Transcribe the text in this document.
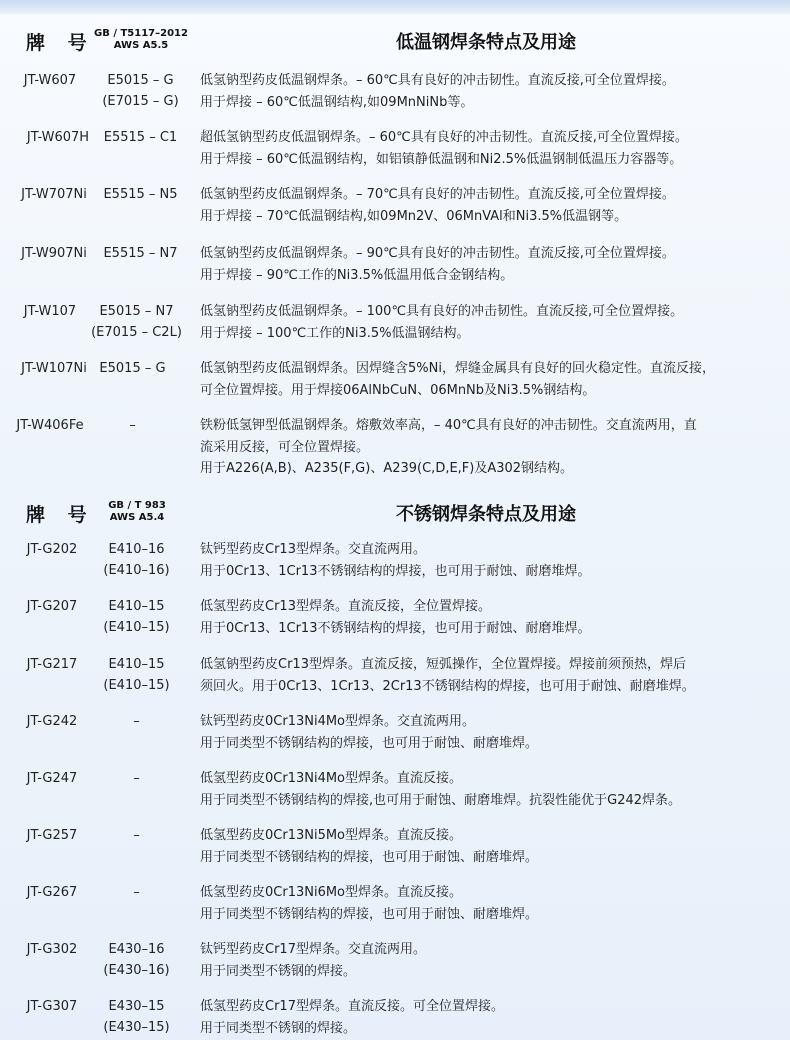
牌 号 GB / T5117–2012
AWS A5.5	低温钢焊条特点及用途
JT-W607	E5015 – G
(E7015 – G)
低氢钠型药皮低温钢焊条。– 60℃具有良好的冲击韧性。直流反接,可全位置焊接。
用于焊接 – 60℃低温钢结构,如09MnNiNb等。
JT-W607H	E5515 – C1	超低氢钠型药皮低温钢焊条。– 60℃具有良好的冲击韧性。直流反接,可全位置焊接。
用于焊接 – 60℃低温钢结构，如铝镇静低温钢和Ni2.5%低温钢制低温压力容器等。
JT-W707Ni	E5515 – N5	低氢钠型药皮低温钢焊条。– 70℃具有良好的冲击韧性。直流反接,可全位置焊接。
用于焊接 – 70℃低温钢结构,如09Mn2V、06MnVAl和Ni3.5%低温钢等。
JT-W907Ni	E5515 – N7	低氢钠型药皮低温钢焊条。– 90℃具有良好的冲击韧性。直流反接,可全位置焊接。
用于焊接 – 90℃工作的Ni3.5%低温用低合金钢结构。
JT-W107	E5015 – N7
(E7015 – C2L)
低氢钠型药皮低温钢焊条。– 100℃具有良好的冲击韧性。直流反接,可全位置焊接。
用于焊接 – 100℃工作的Ni3.5%低温钢结构。
JT-W107Ni E5015 – G	低氢钠型药皮低温钢焊条。因焊缝含5%Ni，焊缝金属具有良好的回火稳定性。直流反接，
可全位置焊接。用于焊接06AlNbCuN、06MnNb及Ni3.5%钢结构。
JT-W406Fe	–	铁粉低氢钾型低温钢焊条。熔敷效率高，– 40℃具有良好的冲击韧性。交直流两用，直
流采用反接，可全位置焊接。
用于A226(A,B)、A235(F,G)、A239(C,D,E,F)及A302钢结构。
牌 号	GB / T 983
AWS A5.4	不锈钢焊条特点及用途
JT-G202	E410–16
(E410–16)
钛钙型药皮Cr13型焊条。交直流两用。
用于0Cr13、1Cr13不锈钢结构的焊接，也可用于耐蚀、耐磨堆焊。
JT-G207	E410–15
(E410–15)
低氢型药皮Cr13型焊条。直流反接，全位置焊接。
用于0Cr13、1Cr13不锈钢结构的焊接，也可用于耐蚀、耐磨堆焊。
JT-G217	E410–15
(E410–15)
低氢钠型药皮Cr13型焊条。直流反接，短弧操作，全位置焊接。焊接前须预热，焊后
须回火。用于0Cr13、1Cr13、2Cr13不锈钢结构的焊接，也可用于耐蚀、耐磨堆焊。
JT-G242	–	钛钙型药皮0Cr13Ni4Mo型焊条。交直流两用。
用于同类型不锈钢结构的焊接，也可用于耐蚀、耐磨堆焊。
JT-G247	–	低氢型药皮0Cr13Ni4Mo型焊条。直流反接。
用于同类型不锈钢结构的焊接,也可用于耐蚀、耐磨堆焊。抗裂性能优于G242焊条。
JT-G257	–	低氢型药皮0Cr13Ni5Mo型焊条。直流反接。
用于同类型不锈钢结构的焊接，也可用于耐蚀、耐磨堆焊。
JT-G267	–	低氢型药皮0Cr13Ni6Mo型焊条。直流反接。
用于同类型不锈钢结构的焊接，也可用于耐蚀、耐磨堆焊。
JT-G302	E430–16
(E430–16)
钛钙型药皮Cr17型焊条。交直流两用。
用于同类型不锈钢的焊接。
JT-G307	E430–15
(E430–15)
低氢型药皮Cr17型焊条。直流反接。可全位置焊接。
用于同类型不锈钢的焊接。
